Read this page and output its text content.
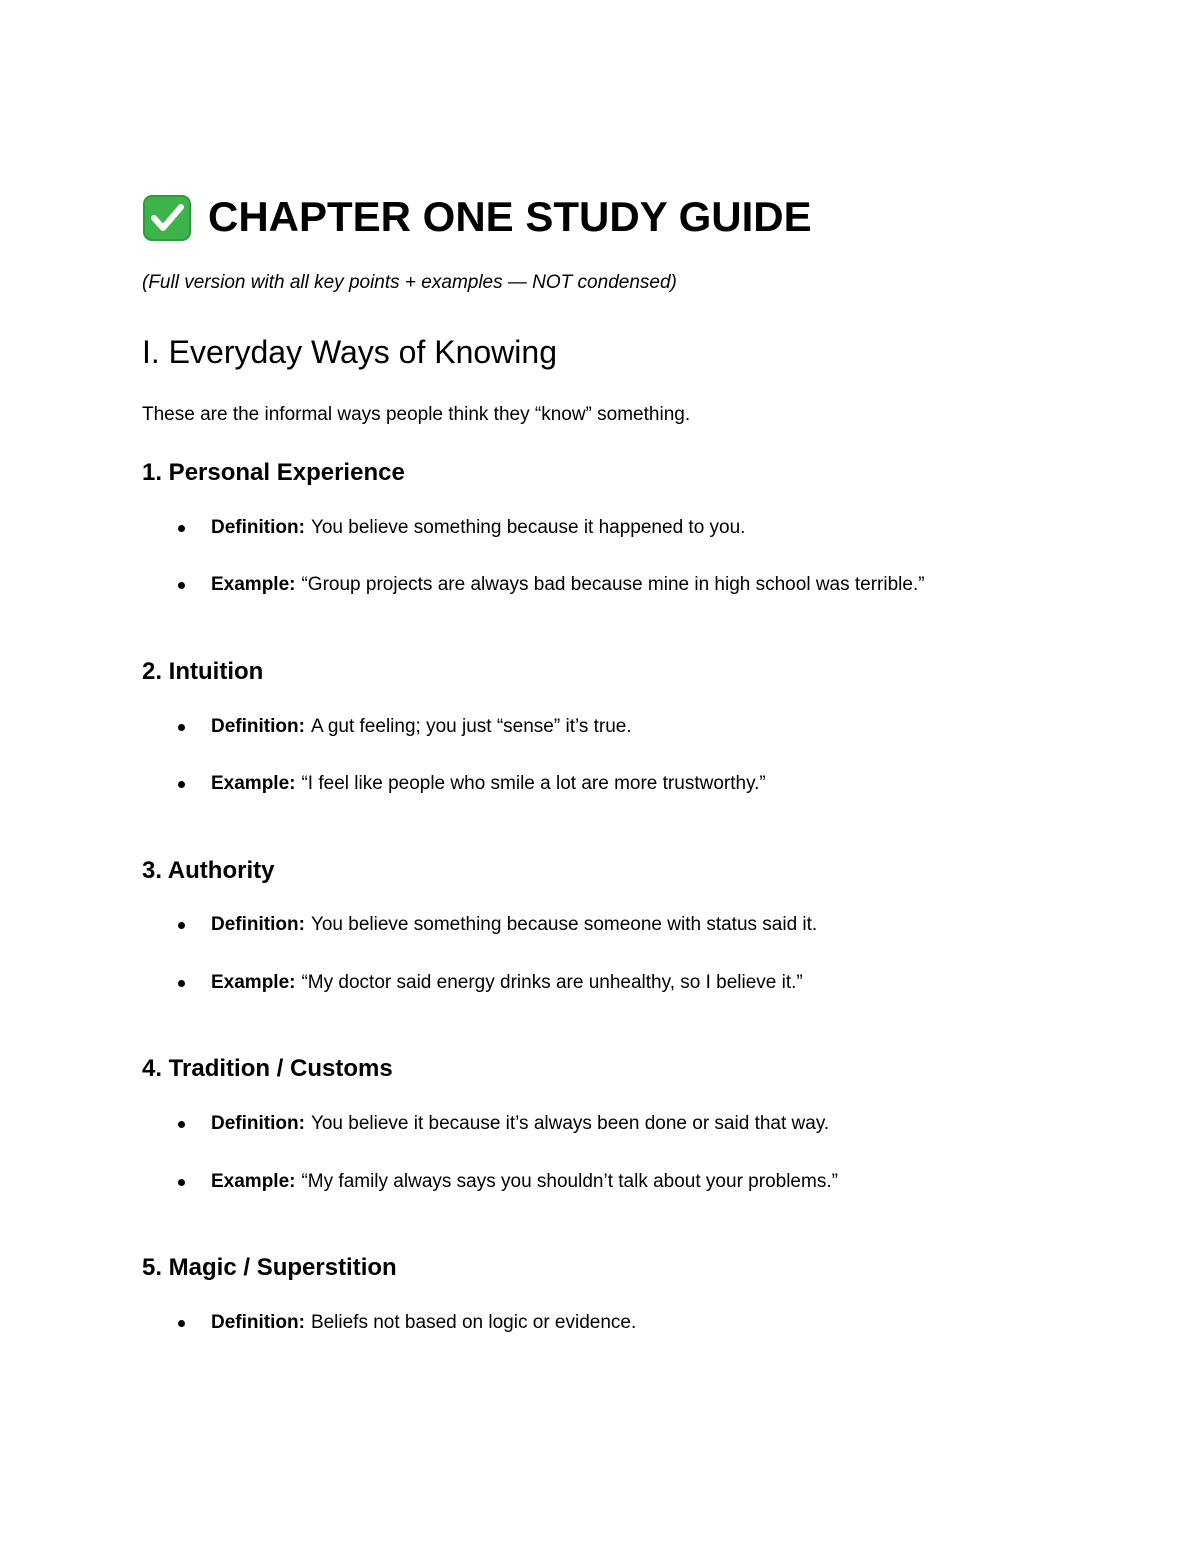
CHAPTER ONE STUDY GUIDE

(Full version with all key points + examples — NOT condensed)

I. Everyday Ways of Knowing

These are the informal ways people think they “know” something.

1. Personal Experience

Definition: You believe something because it happened to you.

Example: “Group projects are always bad because mine in high school was terrible.”

2. Intuition

Definition: A gut feeling; you just “sense” it’s true.

Example: “I feel like people who smile a lot are more trustworthy.”

3. Authority

Definition: You believe something because someone with status said it.

Example: “My doctor said energy drinks are unhealthy, so I believe it.”

4. Tradition / Customs

Definition: You believe it because it’s always been done or said that way.

Example: “My family always says you shouldn’t talk about your problems.”

5. Magic / Superstition

Definition: Beliefs not based on logic or evidence.
